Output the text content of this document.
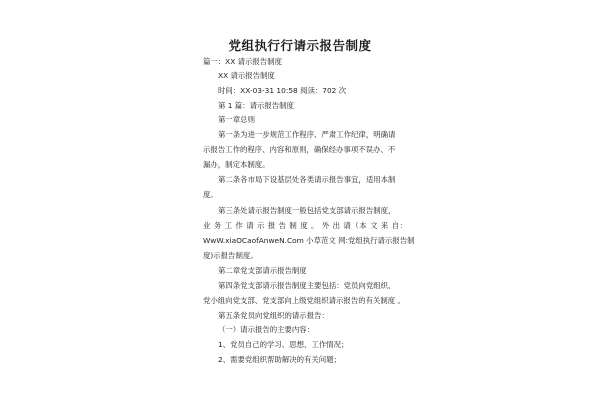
党组执行行请示报告制度
篇一：XX 请示报告制度
XX 请示报告制度
时间：XX-03-31 10:58 阅读：702 次
第 1 篇：请示报告制度
第一章总则
第一条为进一步规范工作程序、严肃工作纪律，明确请
示报告工作的程序、内容和原则，确保经办事项不误办、不
漏办，制定本制度。
第二条各市局下设基层处各类请示报告事宜，适用本制
度。
第三条处请示报告制度一般包括党支部请示报告制度，
业 务 工 作 请 示 报 告 制 度 。 外 出 请（本 文 来 自：
WwW.xiaOCaofAnweN.Com 小草范文 网:党组执行请示报告制
度)示报告制度。
第二章党支部请示报告制度
第四条党支部请示报告制度主要包括：党员向党组织、
党小组向党支部、党支部向上级党组织请示报告的有关制度 。
第五条党员向党组织的请示报告：
（一）请示报告的主要内容：
1、党员自己的学习、思想、工作情况；
2、需要党组织帮助解决的有关问题；
